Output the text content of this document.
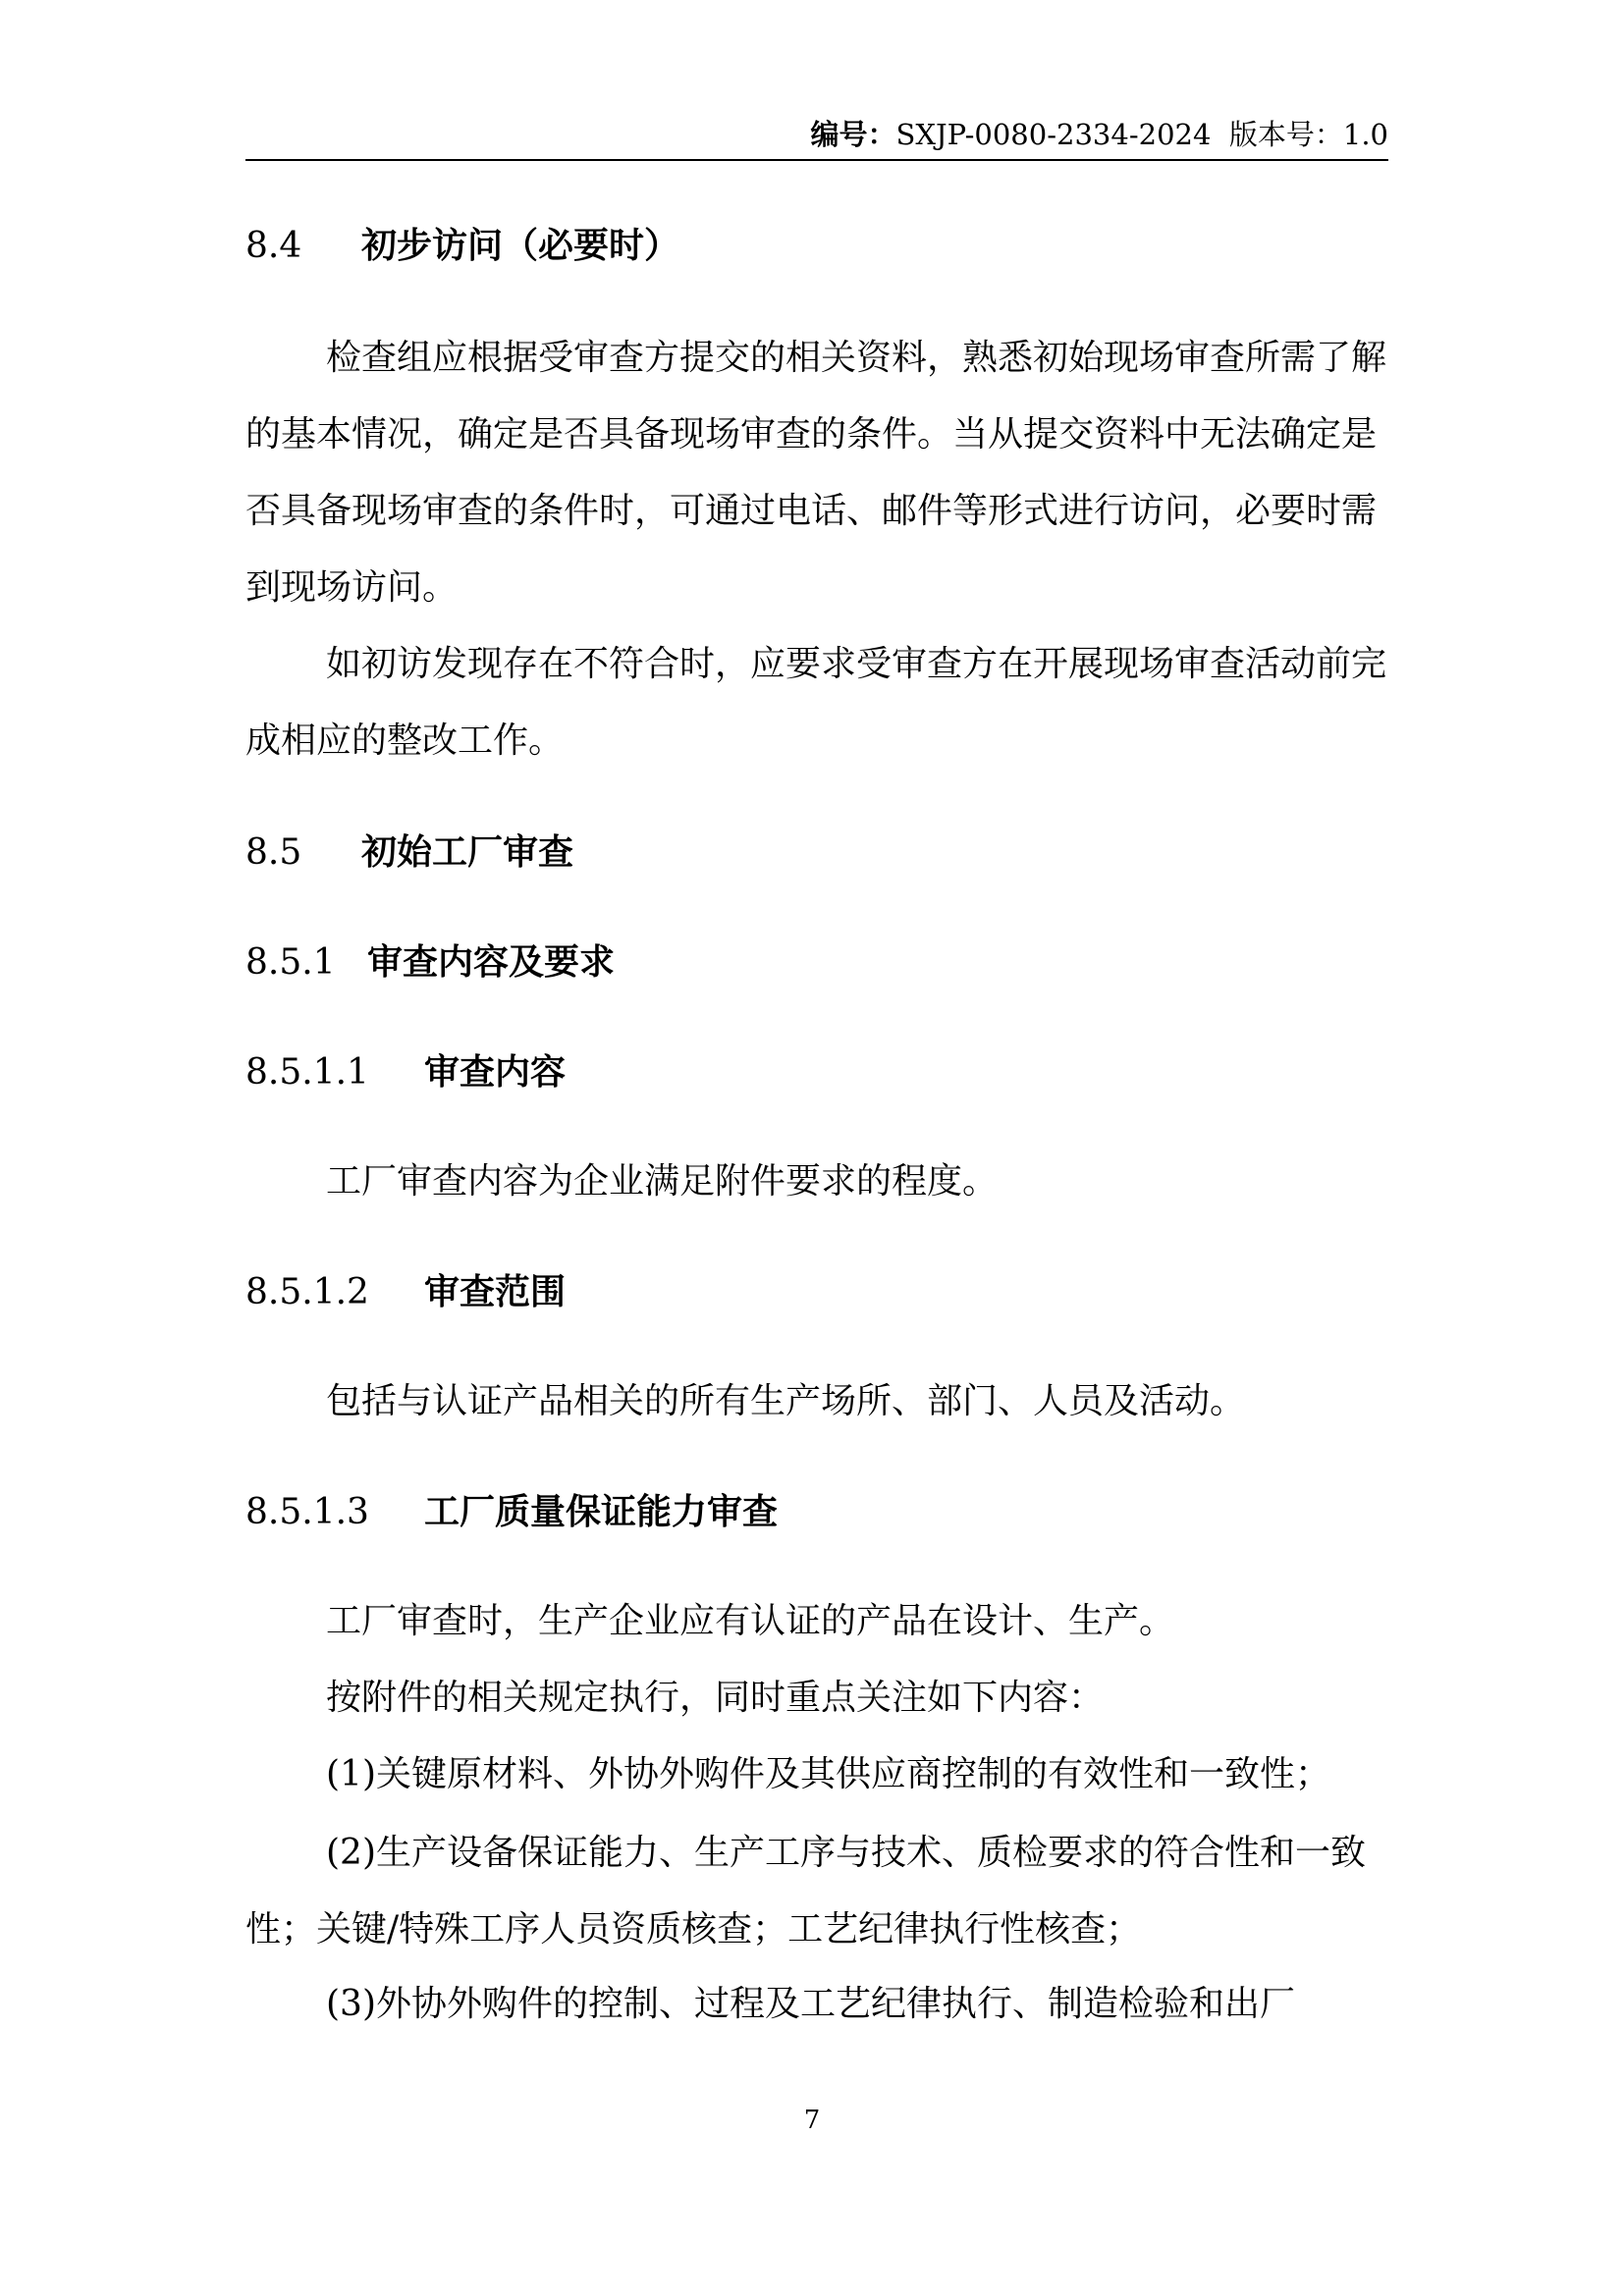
编号：SXJP-0080-2334-2024 版本号：1.0
8.4 初步访问（必要时）
检查组应根据受审查方提交的相关资料，熟悉初始现场审查所需了解的基本情况，确定是否具备现场审查的条件。当从提交资料中无法确定是否具备现场审查的条件时，可通过电话、邮件等形式进行访问，必要时需到现场访问。
如初访发现存在不符合时，应要求受审查方在开展现场审查活动前完成相应的整改工作。
8.5 初始工厂审查
8.5.1 审查内容及要求
8.5.1.1 审查内容
工厂审查内容为企业满足附件要求的程度。
8.5.1.2 审查范围
包括与认证产品相关的所有生产场所、部门、人员及活动。
8.5.1.3 工厂质量保证能力审查
工厂审查时，生产企业应有认证的产品在设计、生产。
按附件的相关规定执行，同时重点关注如下内容：
(1)关键原材料、外协外购件及其供应商控制的有效性和一致性；
(2)生产设备保证能力、生产工序与技术、质检要求的符合性和一致性；关键/特殊工序人员资质核查；工艺纪律执行性核查；
(3)外协外购件的控制、过程及工艺纪律执行、制造检验和出厂
7
